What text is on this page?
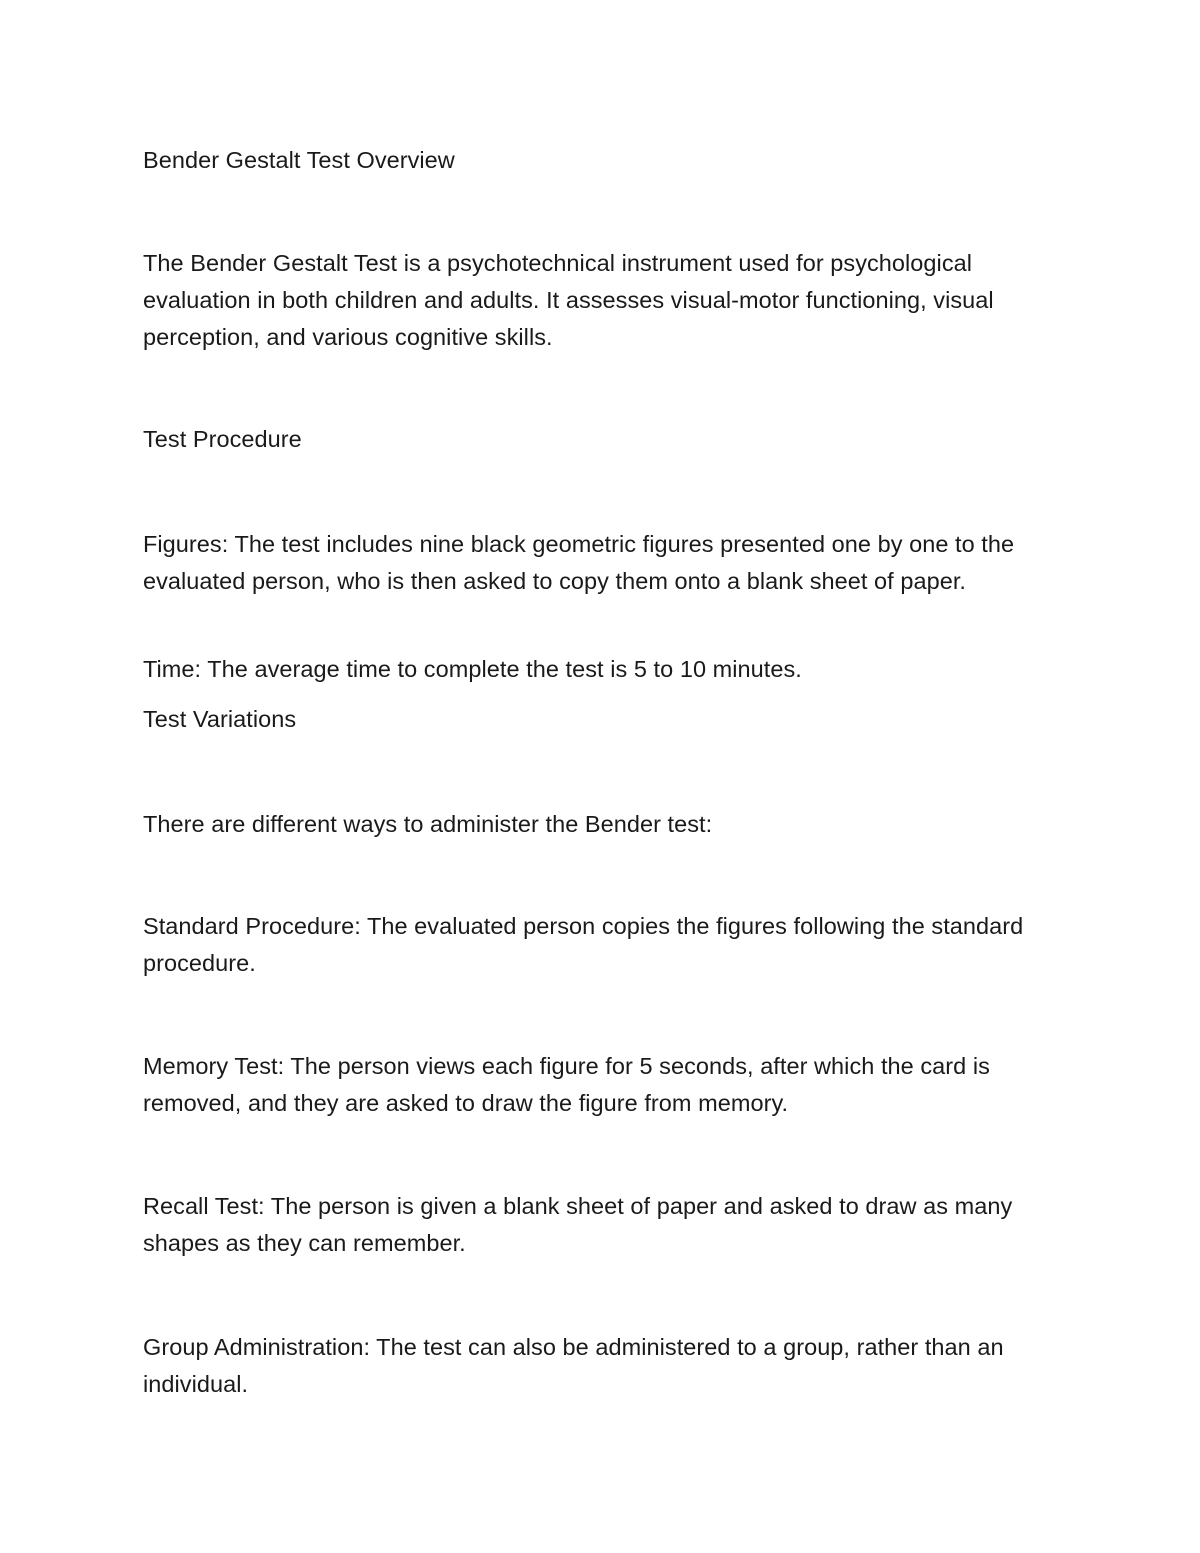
Bender Gestalt Test Overview
The Bender Gestalt Test is a psychotechnical instrument used for psychological evaluation in both children and adults. It assesses visual-motor functioning, visual perception, and various cognitive skills.
Test Procedure
Figures: The test includes nine black geometric figures presented one by one to the evaluated person, who is then asked to copy them onto a blank sheet of paper.
Time: The average time to complete the test is 5 to 10 minutes.
Test Variations
There are different ways to administer the Bender test:
Standard Procedure: The evaluated person copies the figures following the standard procedure.
Memory Test: The person views each figure for 5 seconds, after which the card is removed, and they are asked to draw the figure from memory.
Recall Test: The person is given a blank sheet of paper and asked to draw as many shapes as they can remember.
Group Administration: The test can also be administered to a group, rather than an individual.
